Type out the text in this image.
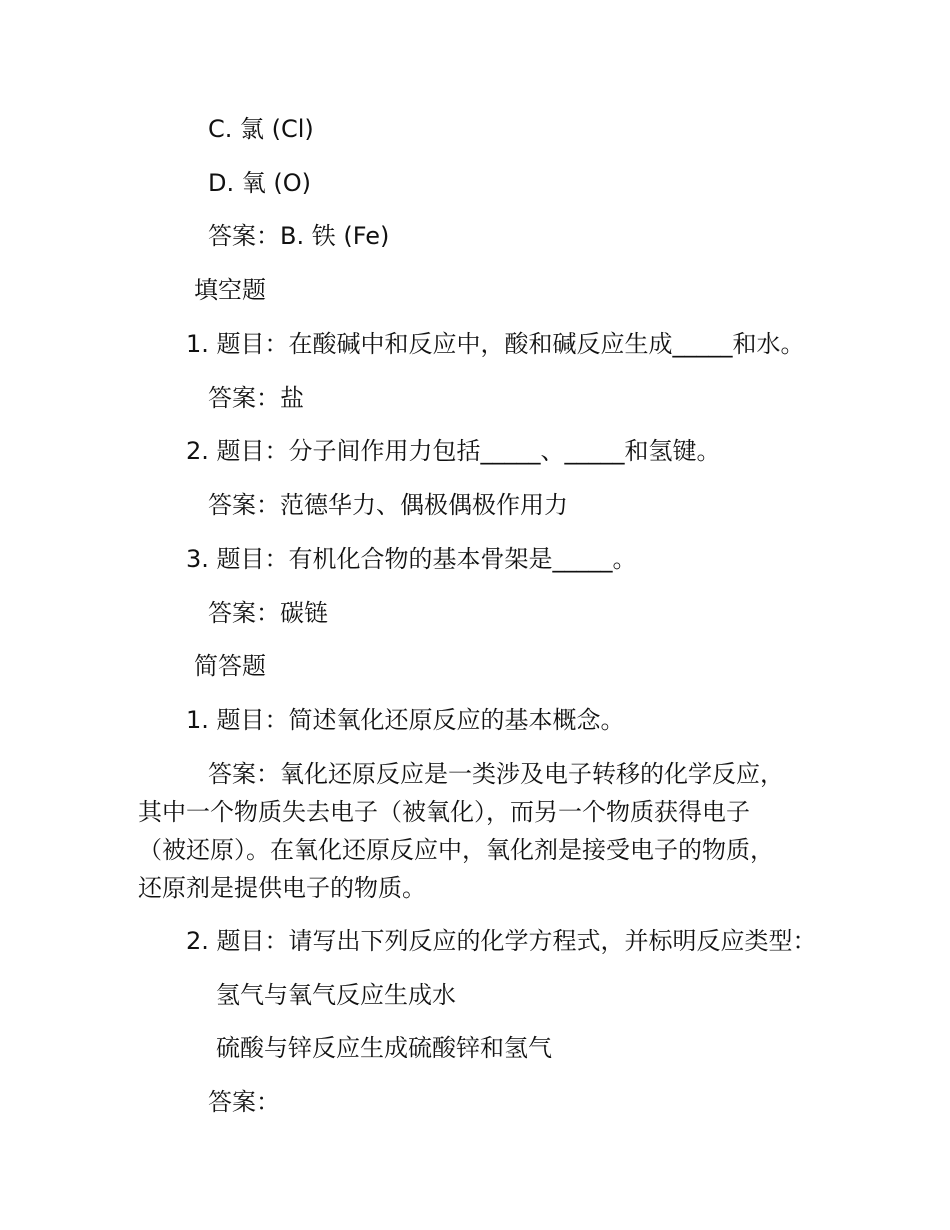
C. 氯 (Cl)
D. 氧 (O)
答案：B. 铁 (Fe)
填空题
1. 题目：在酸碱中和反应中，酸和碱反应生成_____和水。
答案：盐
2. 题目：分子间作用力包括_____、_____和氢键。
答案：范德华力、偶极偶极作用力
3. 题目：有机化合物的基本骨架是_____。
答案：碳链
简答题
1. 题目：简述氧化还原反应的基本概念。
答案：氧化还原反应是一类涉及电子转移的化学反应，
其中一个物质失去电子（被氧化），而另一个物质获得电子
（被还原）。在氧化还原反应中，氧化剂是接受电子的物质，
还原剂是提供电子的物质。
2. 题目：请写出下列反应的化学方程式，并标明反应类型：
氢气与氧气反应生成水
硫酸与锌反应生成硫酸锌和氢气
答案：
